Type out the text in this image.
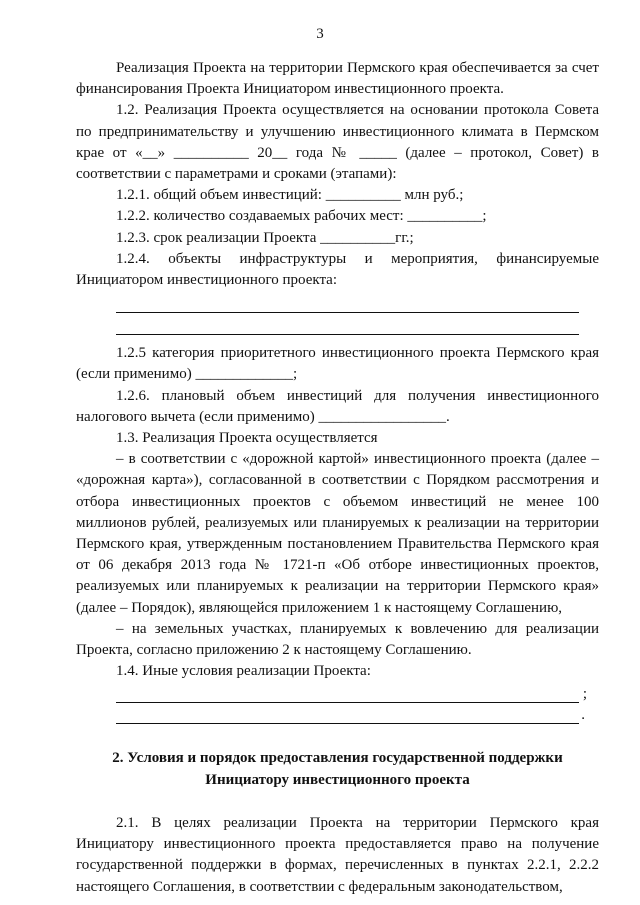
3

Реализация Проекта на территории Пермского края обеспечивается за счет финансирования Проекта Инициатором инвестиционного проекта.

1.2. Реализация Проекта осуществляется на основании протокола Совета по предпринимательству и улучшению инвестиционного климата в Пермском крае от «__» __________ 20__ года № _____ (далее – протокол, Совет) в соответствии с параметрами и сроками (этапами):

1.2.1. общий объем инвестиций: __________ млн руб.;

1.2.2. количество создаваемых рабочих мест: __________;

1.2.3. срок реализации Проекта __________гг.;

1.2.4. объекты инфраструктуры и мероприятия, финансируемые Инициатором инвестиционного проекта:

1.2.5 категория приоритетного инвестиционного проекта Пермского края (если применимо) _____________;

1.2.6. плановый объем инвестиций для получения инвестиционного налогового вычета (если применимо) _________________.

1.3. Реализация Проекта осуществляется

– в соответствии с «дорожной картой» инвестиционного проекта (далее – «дорожная карта»), согласованной в соответствии с Порядком рассмотрения и отбора инвестиционных проектов с объемом инвестиций не менее 100 миллионов рублей, реализуемых или планируемых к реализации на территории Пермского края, утвержденным постановлением Правительства Пермского края от 06 декабря 2013 года № 1721-п «Об отборе инвестиционных проектов, реализуемых или планируемых к реализации на территории Пермского края» (далее – Порядок), являющейся приложением 1 к настоящему Соглашению,

– на земельных участках, планируемых к вовлечению для реализации Проекта, согласно приложению 2 к настоящему Соглашению.

1.4. Иные условия реализации Проекта:

;
.
2. Условия и порядок предоставления государственной поддержки
Инициатору инвестиционного проекта

2.1. В целях реализации Проекта на территории Пермского края Инициатору инвестиционного проекта предоставляется право на получение государственной поддержки в формах, перечисленных в пунктах 2.2.1, 2.2.2 настоящего Соглашения, в соответствии с федеральным законодательством,
